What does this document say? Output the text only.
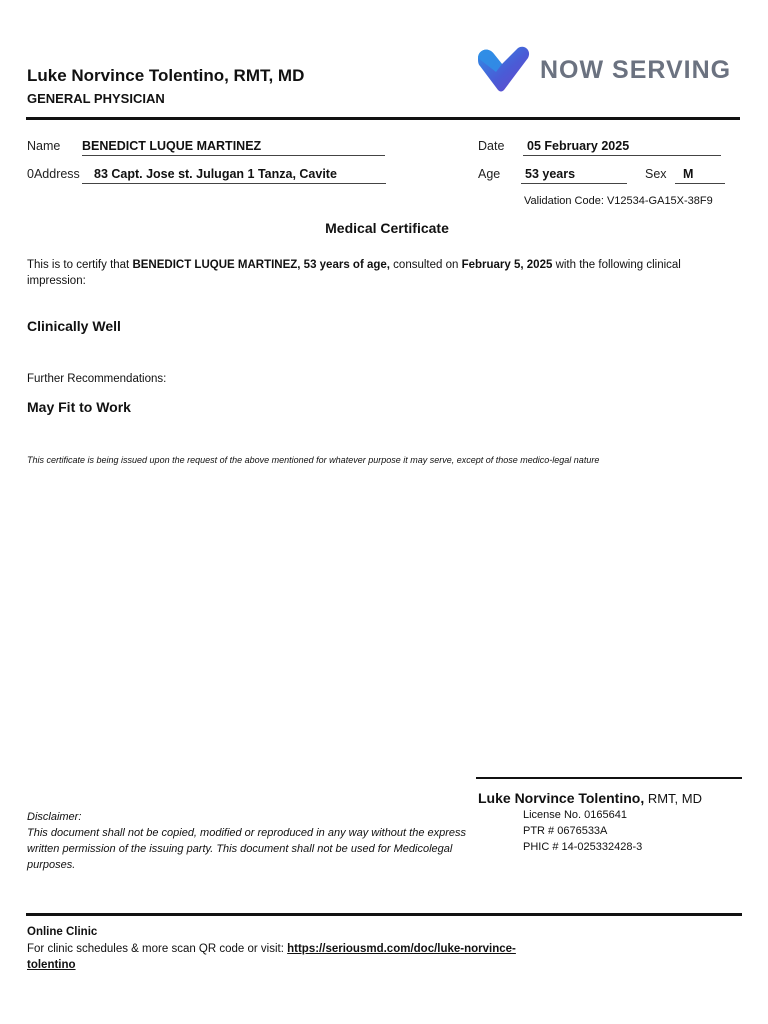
Luke Norvince Tolentino, RMT, MD
GENERAL PHYSICIAN
NOW SERVING
Name BENEDICT LUQUE MARTINEZ	Date 05 February 2025
0Address 83 Capt. Jose st. Julugan 1 Tanza, Cavite	Age 53 years	Sex M
Validation Code: V12534-GA15X-38F9
Medical Certificate
This is to certify that BENEDICT LUQUE MARTINEZ, 53 years of age, consulted on February 5, 2025 with the following clinical impression:
Clinically Well
Further Recommendations:
May Fit to Work
This certificate is being issued upon the request of the above mentioned for whatever purpose it may serve, except of those medico-legal nature
Luke Norvince Tolentino, RMT, MD
License No. 0165641
PTR # 0676533A
PHIC # 14-025332428-3
Disclaimer:
This document shall not be copied, modified or reproduced in any way without the express written permission of the issuing party. This document shall not be used for Medicolegal purposes.
Online Clinic
For clinic schedules & more scan QR code or visit: https://seriousmd.com/doc/luke-norvince-tolentino
